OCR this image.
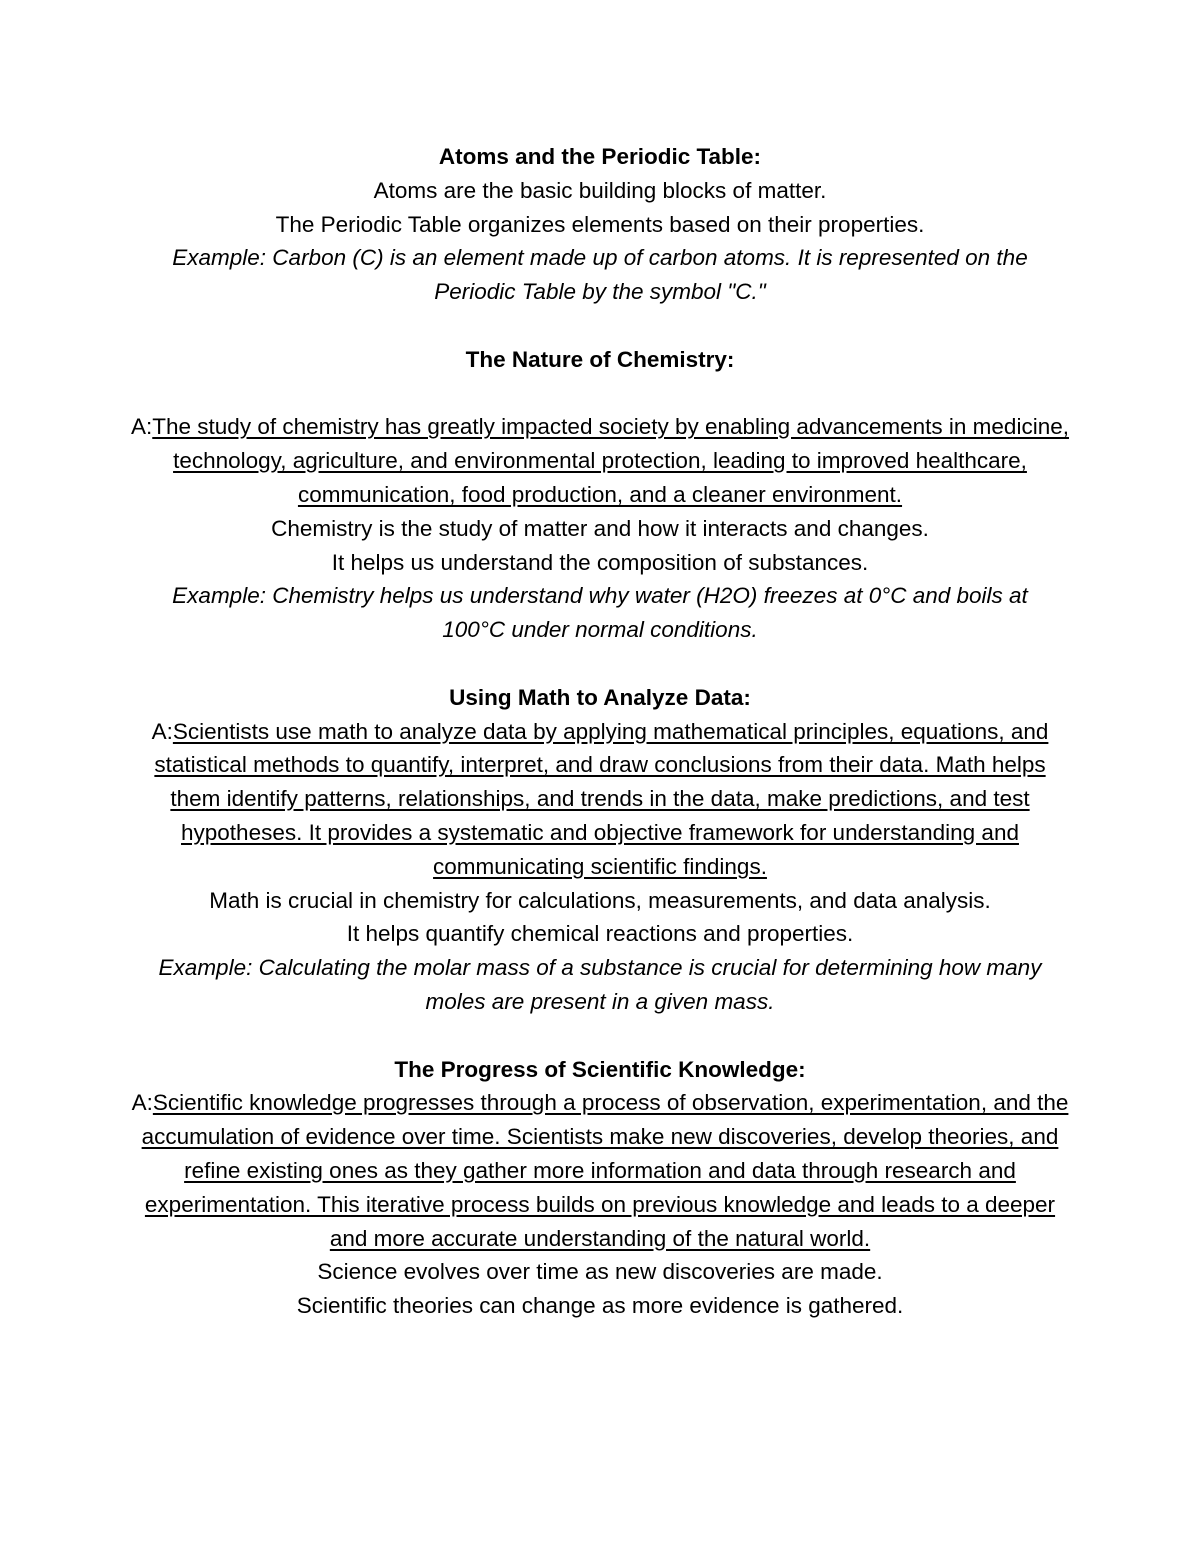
Atoms and the Periodic Table:

Atoms are the basic building blocks of matter.

The Periodic Table organizes elements based on their properties.

Example: Carbon (C) is an element made up of carbon atoms. It is represented on the Periodic Table by the symbol "C."

The Nature of Chemistry:

A:The study of chemistry has greatly impacted society by enabling advancements in medicine, technology, agriculture, and environmental protection, leading to improved healthcare, communication, food production, and a cleaner environment.

Chemistry is the study of matter and how it interacts and changes.

It helps us understand the composition of substances.

Example: Chemistry helps us understand why water (H2O) freezes at 0°C and boils at 100°C under normal conditions.

Using Math to Analyze Data:

A:Scientists use math to analyze data by applying mathematical principles, equations, and statistical methods to quantify, interpret, and draw conclusions from their data. Math helps them identify patterns, relationships, and trends in the data, make predictions, and test hypotheses. It provides a systematic and objective framework for understanding and communicating scientific findings.

Math is crucial in chemistry for calculations, measurements, and data analysis.

It helps quantify chemical reactions and properties.

Example: Calculating the molar mass of a substance is crucial for determining how many moles are present in a given mass.

The Progress of Scientific Knowledge:

A:Scientific knowledge progresses through a process of observation, experimentation, and the accumulation of evidence over time. Scientists make new discoveries, develop theories, and refine existing ones as they gather more information and data through research and experimentation. This iterative process builds on previous knowledge and leads to a deeper and more accurate understanding of the natural world.

Science evolves over time as new discoveries are made.

Scientific theories can change as more evidence is gathered.
